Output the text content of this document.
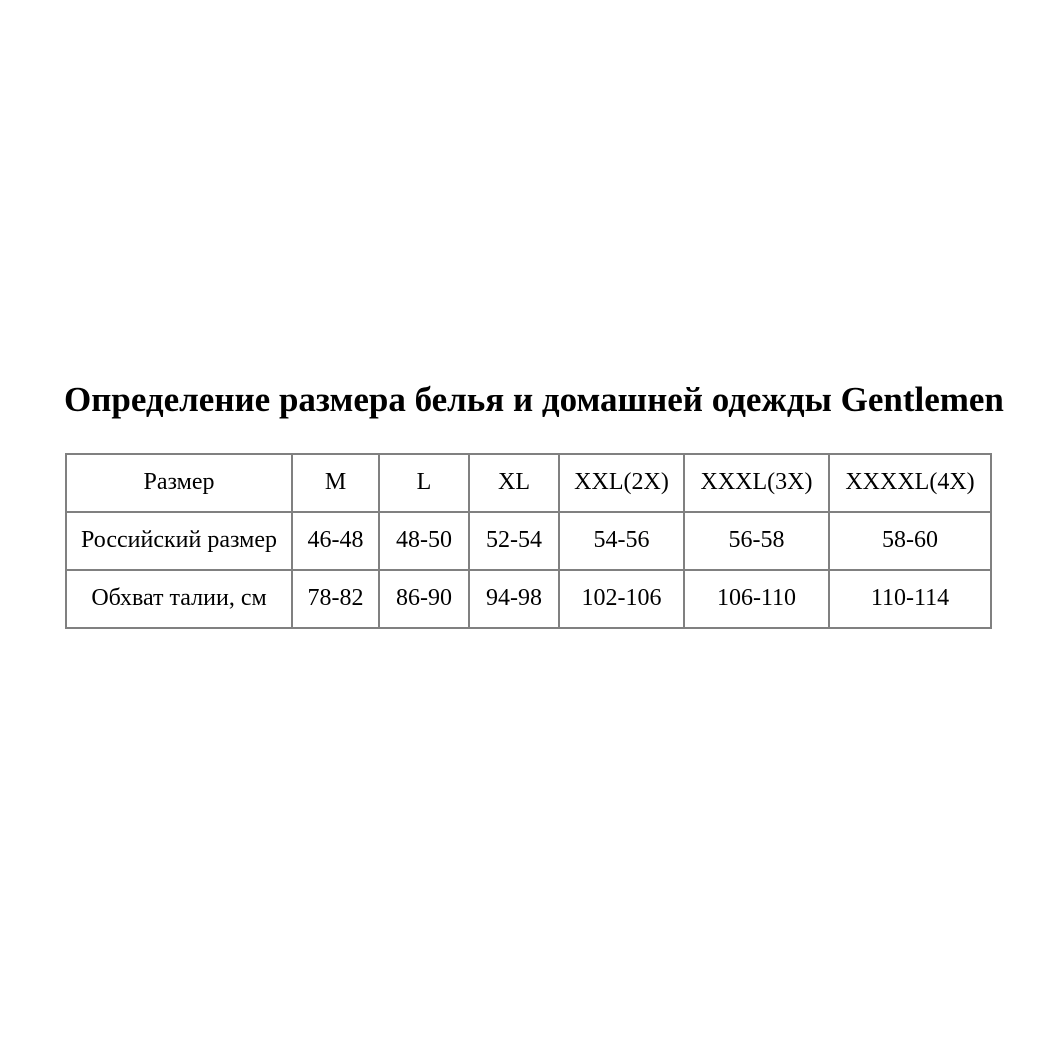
Определение размера белья и домашней одежды Gentlemen
Размер	M	L	XL	XXL(2X)	XXXL(3X)	XXXXL(4X)
Российский размер	46-48	48-50	52-54	54-56	56-58	58-60
Обхват талии, см	78-82	86-90	94-98	102-106	106-110	110-114
